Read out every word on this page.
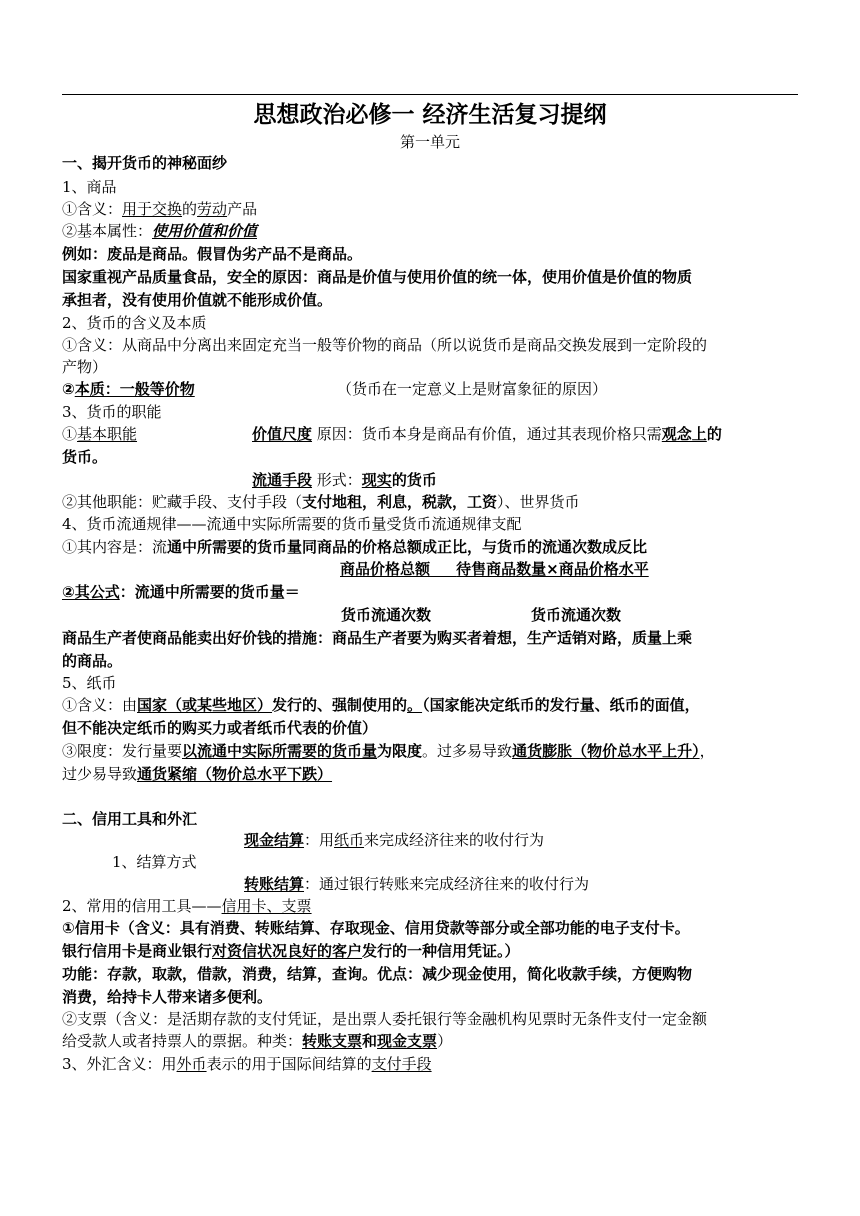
思想政治必修一 经济生活复习提纲
第一单元
一、揭开货币的神秘面纱
1、商品
①含义：用于交换的劳动产品
②基本属性：使用价值和价值
例如：废品是商品。假冒伪劣产品不是商品。
国家重视产品质量食品，安全的原因：商品是价值与使用价值的统一体，使用价值是价值的物质
承担者，没有使用价值就不能形成价值。
2、货币的含义及本质
①含义：从商品中分离出来固定充当一般等价物的商品（所以说货币是商品交换发展到一定阶段的
产物）
②本质：一般等价物	（货币在一定意义上是财富象征的原因）
3、货币的职能
①基本职能	价值尺度 原因：货币本身是商品有价值，通过其表现价格只需观念上的
货币。
流通手段 形式：现实的货币
②其他职能：贮藏手段、支付手段（支付地租，利息，税款，工资）、世界货币
4、货币流通规律——流通中实际所需要的货币量受货币流通规律支配
①其内容是：流通中所需要的货币量同商品的价格总额成正比，与货币的流通次数成反比
商品价格总额 待售商品数量×商品价格水平
②其公式：流通中所需要的货币量＝
货币流通次数	货币流通次数
商品生产者使商品能卖出好价钱的措施：商品生产者要为购买者着想，生产适销对路，质量上乘
的商品。
5、纸币
①含义：由国家（或某些地区）发行的、强制使用的。（国家能决定纸币的发行量、纸币的面值，
但不能决定纸币的购买力或者纸币代表的价值）
③限度：发行量要以流通中实际所需要的货币量为限度。过多易导致通货膨胀（物价总水平上升），
过少易导致通货紧缩（物价总水平下跌）
二、信用工具和外汇
现金结算：用纸币来完成经济往来的收付行为
1、结算方式
转账结算：通过银行转账来完成经济往来的收付行为
2、常用的信用工具——信用卡、支票
①信用卡（含义：具有消费、转账结算、存取现金、信用贷款等部分或全部功能的电子支付卡。
银行信用卡是商业银行对资信状况良好的客户发行的一种信用凭证。）
功能：存款，取款，借款，消费，结算，查询。优点：减少现金使用，简化收款手续，方便购物
消费，给持卡人带来诸多便利。
②支票（含义：是活期存款的支付凭证，是出票人委托银行等金融机构见票时无条件支付一定金额
给受款人或者持票人的票据。种类：转账支票和现金支票）
3、外汇含义：用外币表示的用于国际间结算的支付手段
